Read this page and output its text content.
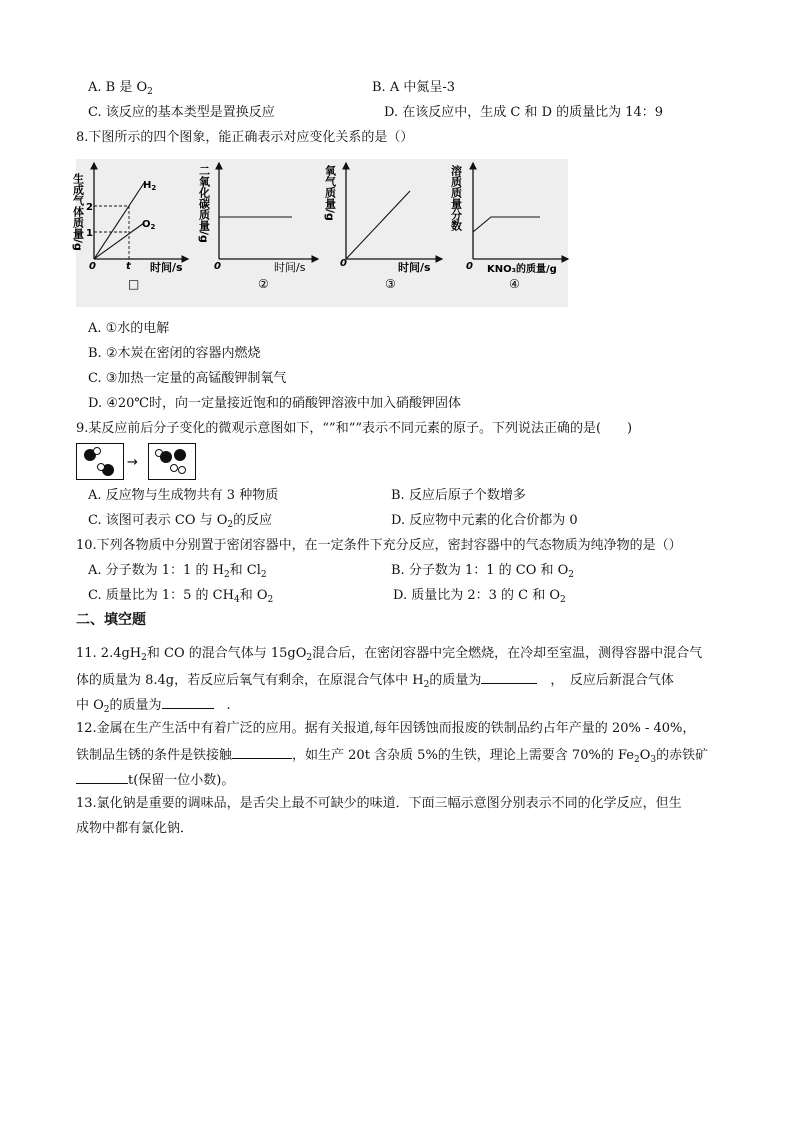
A. B 是 $O_2$	B. A 中氮呈-3
C. 该反应的基本类型是置换反应	D. 在该反应中，生成 C 和 D 的质量比为 14：9
8.下图所示的四个图象，能正确表示对应变化关系的是（）
生成气体质量/g 2
1
0	t 时间/s
$H_2$
$O_2$
□
二氧化碳质量/g
0	时间/s
②
氧气质量/g
0	时间/s
③
溶质质量分数
0 KNO₃的质量/g
④
A. ①水的电解
B. ②木炭在密闭的容器内燃烧
C. ③加热一定量的高锰酸钾制氧气
D. ④20℃时，向一定量接近饱和的硝酸钾溶液中加入硝酸钾固体
9.某反应前后分子变化的微观示意图如下，“”和“”表示不同元素的原子。下列说法正确的是(　　)
→
A. 反应物与生成物共有 3 种物质	B. 反应后原子个数增多
C. 该图可表示 CO 与 $O_2$的反应	D. 反应物中元素的化合价都为 0
10.下列各物质中分别置于密闭容器中，在一定条件下充分反应，密封容器中的气态物质为纯净物的是（）
A. 分子数为 1：1 的 $H_2$和 $Cl_2$	B. 分子数为 1：1 的 CO 和 $O_2$
C. 质量比为 1：5 的 $CH_4$和 $O_2$	D. 质量比为 2：3 的 C 和 $O_2$
二、填空题
11. $2.4gH_2$和 CO 的混合气体与 $15gO_2$混合后，在密闭容器中完全燃烧，在冷却至室温，测得容器中混合气
体的质量为 8.4g，若反应后氧气有剩余，在原混合气体中 $H_2$的质量为	　，　反应后新混合气体
中 $O_2$的质量为	　.
12.金属在生产生活中有着广泛的应用。据有关报道,每年因锈蚀而报废的铁制品约占年产量的 20% - 40%，
铁制品生锈的条件是铁接触	，如生产 20t 含杂质 5%的生铁，理论上需要含 70%的 $Fe_2O_3$的赤铁矿
t(保留一位小数)。
13.氯化钠是重要的调味品，是舌尖上最不可缺少的味道．下面三幅示意图分别表示不同的化学反应，但生
成物中都有氯化钠．
